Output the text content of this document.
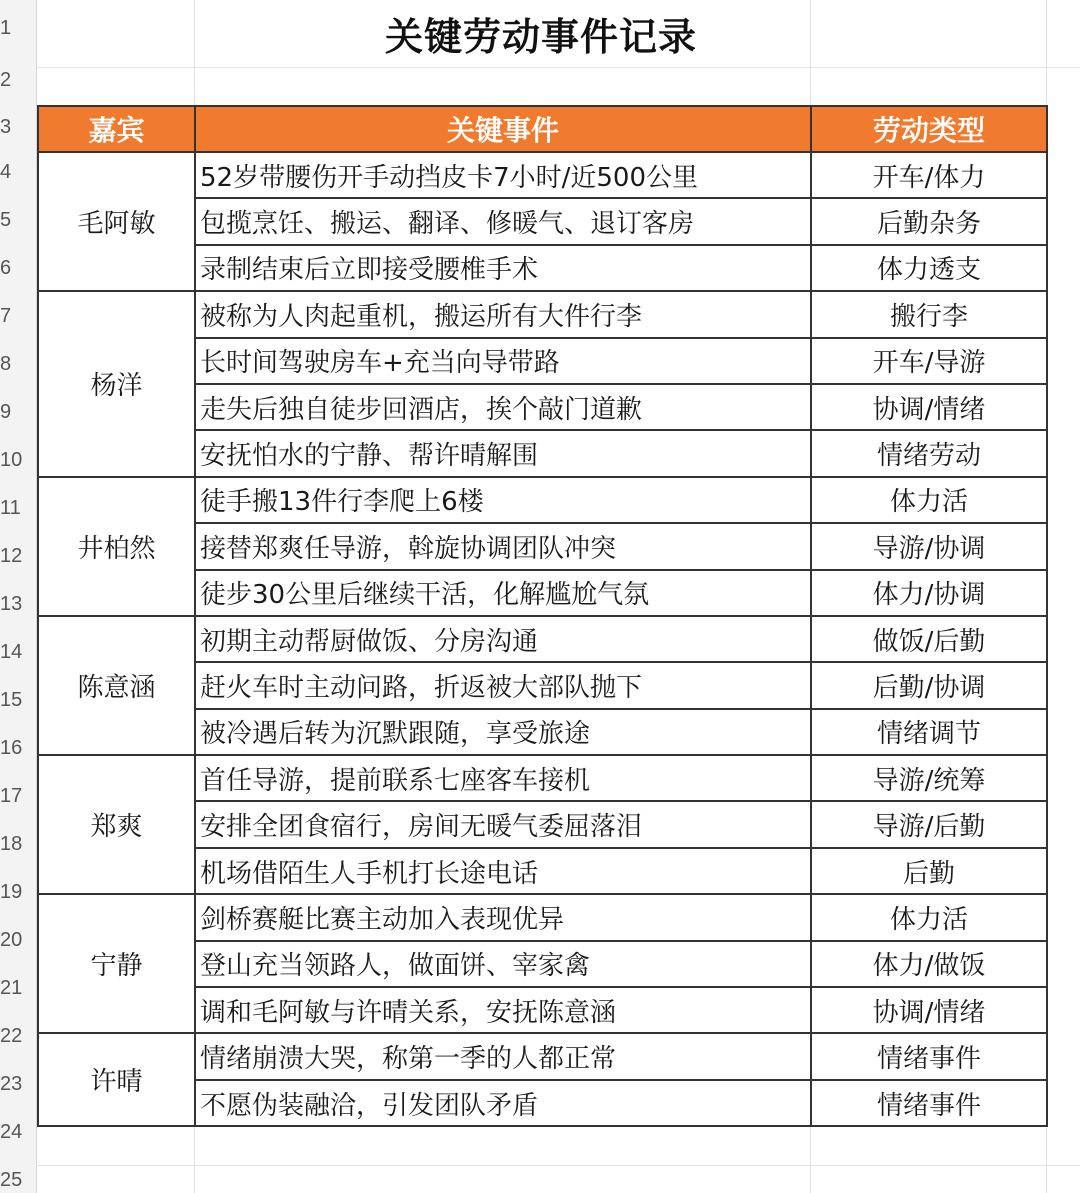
1
2
3
4
5
6
7
8
9
10
11
12
13
14
15
16
17
18
19
20
21
22
23
24
25
关键劳动事件记录
嘉宾	关键事件	劳动类型
毛阿敏	52岁带腰伤开手动挡皮卡7小时/近500公里	开车/体力
	包揽烹饪、搬运、翻译、修暖气、退订客房	后勤杂务
	录制结束后立即接受腰椎手术	体力透支
杨洋	被称为人肉起重机，搬运所有大件行李	搬行李
	长时间驾驶房车+充当向导带路	开车/导游
	走失后独自徒步回酒店，挨个敲门道歉	协调/情绪
	安抚怕水的宁静、帮许晴解围	情绪劳动
井柏然	徒手搬13件行李爬上6楼	体力活
	接替郑爽任导游，斡旋协调团队冲突	导游/协调
	徒步30公里后继续干活，化解尴尬气氛	体力/协调
陈意涵	初期主动帮厨做饭、分房沟通	做饭/后勤
	赶火车时主动问路，折返被大部队抛下	后勤/协调
	被冷遇后转为沉默跟随，享受旅途	情绪调节
郑爽	首任导游，提前联系七座客车接机	导游/统筹
	安排全团食宿行，房间无暖气委屈落泪	导游/后勤
	机场借陌生人手机打长途电话	后勤
宁静	剑桥赛艇比赛主动加入表现优异	体力活
	登山充当领路人，做面饼、宰家禽	体力/做饭
	调和毛阿敏与许晴关系，安抚陈意涵	协调/情绪
许晴	情绪崩溃大哭，称第一季的人都正常	情绪事件
	不愿伪装融洽，引发团队矛盾	情绪事件
